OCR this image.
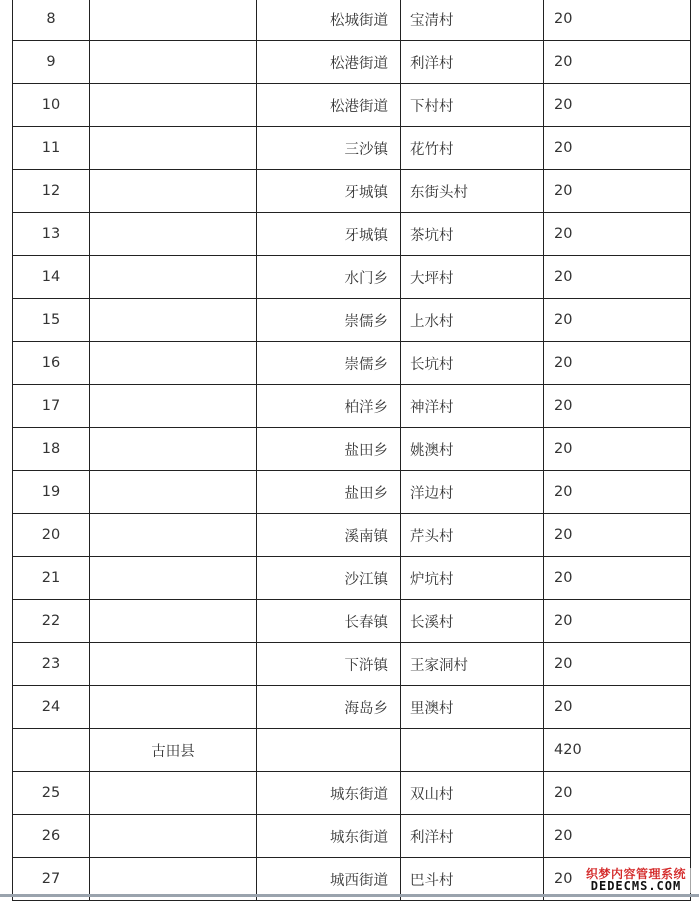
8		松城街道	宝清村	20
9		松港街道	利洋村	20
10		松港街道	下村村	20
11		三沙镇	花竹村	20
12		牙城镇	东街头村	20
13		牙城镇	茶坑村	20
14		水门乡	大坪村	20
15		崇儒乡	上水村	20
16		崇儒乡	长坑村	20
17		柏洋乡	神洋村	20
18		盐田乡	姚澳村	20
19		盐田乡	洋边村	20
20		溪南镇	芹头村	20
21		沙江镇	炉坑村	20
22		长春镇	长溪村	20
23		下浒镇	王家洞村	20
24		海岛乡	里澳村	20
	古田县			420
25		城东街道	双山村	20
26		城东街道	利洋村	20
27		城西街道	巴斗村	20	织梦内容管理系统
DEDECMS.COM
